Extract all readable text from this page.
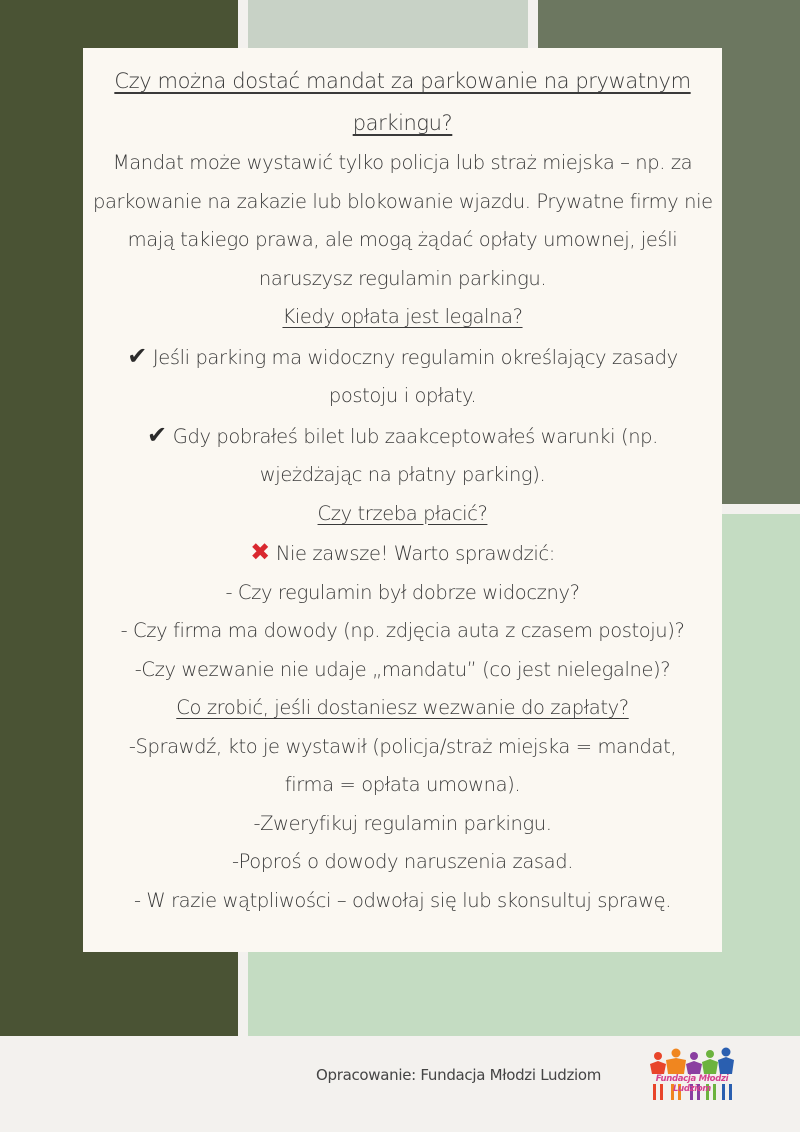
Czy można dostać mandat za parkowanie na prywatnym
parkingu?
Mandat może wystawić tylko policja lub straż miejska – np. za
parkowanie na zakazie lub blokowanie wjazdu. Prywatne firmy nie
mają takiego prawa, ale mogą żądać opłaty umownej, jeśli
naruszysz regulamin parkingu.
Kiedy opłata jest legalna?
✔ Jeśli parking ma widoczny regulamin określający zasady
postoju i opłaty.
✔ Gdy pobrałeś bilet lub zaakceptowałeś warunki (np.
wjeżdżając na płatny parking).
Czy trzeba płacić?
✖ Nie zawsze! Warto sprawdzić:
- Czy regulamin był dobrze widoczny?
- Czy firma ma dowody (np. zdjęcia auta z czasem postoju)?
-Czy wezwanie nie udaje „mandatu” (co jest nielegalne)?
Co zrobić, jeśli dostaniesz wezwanie do zapłaty?
-Sprawdź, kto je wystawił (policja/straż miejska = mandat,
firma = opłata umowna).
-Zweryfikuj regulamin parkingu.
-Poproś o dowody naruszenia zasad.
- W razie wątpliwości – odwołaj się lub skonsultuj sprawę.
Opracowanie: Fundacja Młodzi Ludziom	Fundacja Młodzi Ludziom
